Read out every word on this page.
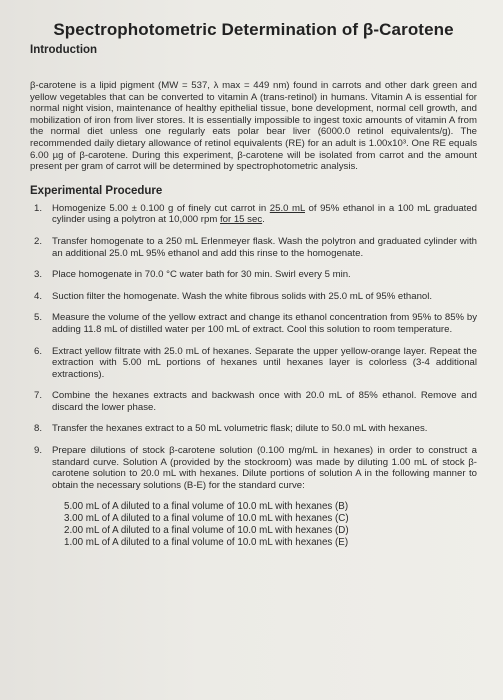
Spectrophotometric Determination of β-Carotene
Introduction

β-carotene is a lipid pigment (MW = 537, λ max = 449 nm) found in carrots and other dark green and yellow vegetables that can be converted to vitamin A (trans-retinol) in humans. Vitamin A is essential for normal night vision, maintenance of healthy epithelial tissue, bone development, normal cell growth, and mobilization of iron from liver stores. It is essentially impossible to ingest toxic amounts of vitamin A from the normal diet unless one regularly eats polar bear liver (6000.0 retinol equivalents/g). The recommended daily dietary allowance of retinol equivalents (RE) for an adult is 1.00x10³. One RE equals 6.00 µg of β-carotene. During this experiment, β-carotene will be isolated from carrot and the amount present per gram of carrot will be determined by spectrophotometric analysis.

Experimental Procedure
1.	Homogenize 5.00 ± 0.100 g of finely cut carrot in 25.0 mL of 95% ethanol in a 100 mL graduated cylinder using a polytron at 10,000 rpm for 15 sec.
2.	Transfer homogenate to a 250 mL Erlenmeyer flask. Wash the polytron and graduated cylinder with an additional 25.0 mL 95% ethanol and add this rinse to the homogenate.
3.	Place homogenate in 70.0 °C water bath for 30 min. Swirl every 5 min.
4.	Suction filter the homogenate. Wash the white fibrous solids with 25.0 mL of 95% ethanol.
5.	Measure the volume of the yellow extract and change its ethanol concentration from 95% to 85% by adding 11.8 mL of distilled water per 100 mL of extract. Cool this solution to room temperature.
6.	Extract yellow filtrate with 25.0 mL of hexanes. Separate the upper yellow-orange layer. Repeat the extraction with 5.00 mL portions of hexanes until hexanes layer is colorless (3-4 additional extractions).
7.	Combine the hexanes extracts and backwash once with 20.0 mL of 85% ethanol. Remove and discard the lower phase.
8.	Transfer the hexanes extract to a 50 mL volumetric flask; dilute to 50.0 mL with hexanes.
9.	Prepare dilutions of stock β-carotene solution (0.100 mg/mL in hexanes) in order to construct a standard curve. Solution A (provided by the stockroom) was made by diluting 1.00 mL of stock β-carotene solution to 20.0 mL with hexanes. Dilute portions of solution A in the following manner to obtain the necessary solutions (B-E) for the standard curve:
5.00 mL of A diluted to a final volume of 10.0 mL with hexanes (B)
3.00 mL of A diluted to a final volume of 10.0 mL with hexanes (C)
2.00 mL of A diluted to a final volume of 10.0 mL with hexanes (D)
1.00 mL of A diluted to a final volume of 10.0 mL with hexanes (E)
